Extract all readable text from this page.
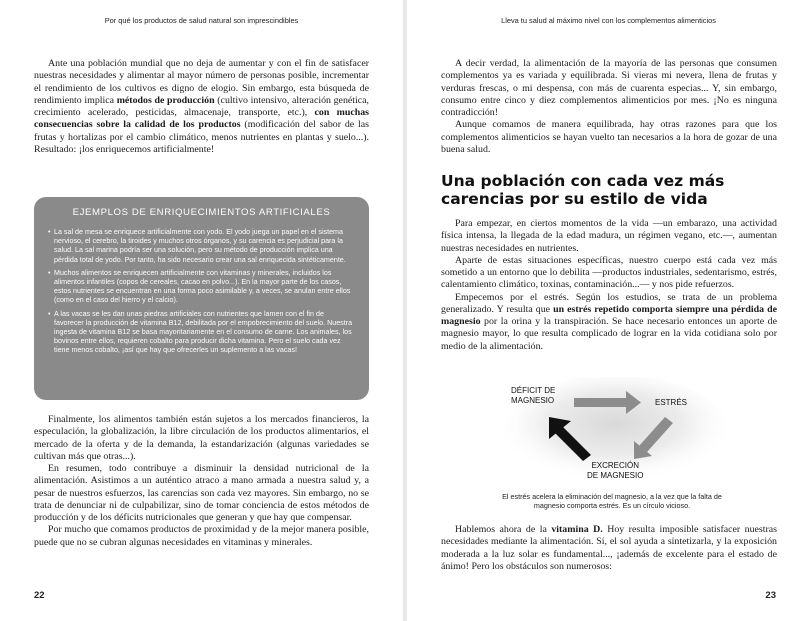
Por qué los productos de salud natural son imprescindibles

Ante una población mundial que no deja de aumentar y con el fin de satisfacer nuestras necesidades y alimentar al mayor número de personas posible, incrementar el rendimiento de los cultivos es digno de elogio. Sin embargo, esta búsqueda de rendimiento implica métodos de producción (cultivo intensivo, alteración genética, crecimiento acelerado, pesticidas, almacenaje, transporte, etc.), con muchas consecuencias sobre la calidad de los productos (modificación del sabor de las frutas y hortalizas por el cambio climático, menos nutrientes en plantas y suelo...). Resultado: ¡los enriquecemos artificialmente!

EJEMPLOS DE ENRIQUECIMIENTOS ARTIFICIALES
• La sal de mesa se enriquece artificialmente con yodo. El yodo juega un papel en el sistema nervioso, el cerebro, la tiroides y muchos otros órganos, y su carencia es perjudicial para la salud. La sal marina podría ser una solución, pero su método de producción implica una pérdida total de yodo. Por tanto, ha sido necesario crear una sal enriquecida sintéticamente.
• Muchos alimentos se enriquecen artificialmente con vitaminas y minerales, incluidos los alimentos infantiles (copos de cereales, cacao en polvo...). En la mayor parte de los casos, estos nutrientes se encuentran en una forma poco asimilable y, a veces, se anulan entre ellos (como en el caso del hierro y el calcio).
• A las vacas se les dan unas piedras artificiales con nutrientes que lamen con el fin de favorecer la producción de vitamina B12, debilitada por el empobrecimiento del suelo. Nuestra ingesta de vitamina B12 se basa mayoritariamente en el consumo de carne. Los animales, los bovinos entre ellos, requieren cobalto para producir dicha vitamina. Pero el suelo cada vez tiene menos cobalto, ¡así que hay que ofrecerles un suplemento a las vacas!

Finalmente, los alimentos también están sujetos a los mercados financieros, la especulación, la globalización, la libre circulación de los productos alimentarios, el mercado de la oferta y de la demanda, la estandarización (algunas variedades se cultivan más que otras...).

En resumen, todo contribuye a disminuir la densidad nutricional de la alimentación. Asistimos a un auténtico atraco a mano armada a nuestra salud y, a pesar de nuestros esfuerzos, las carencias son cada vez mayores. Sin embargo, no se trata de denunciar ni de culpabilizar, sino de tomar conciencia de estos métodos de producción y de los déficits nutricionales que generan y que hay que compensar.

Por mucho que comamos productos de proximidad y de la mejor manera posible, puede que no se cubran algunas necesidades en vitaminas y minerales.

22
Lleva tu salud al máximo nivel con los complementos alimenticios

A decir verdad, la alimentación de la mayoría de las personas que consumen complementos ya es variada y equilibrada. Si vieras mi nevera, llena de frutas y verduras frescas, o mi despensa, con más de cuarenta especias... Y, sin embargo, consumo entre cinco y diez complementos alimenticios por mes. ¡No es ninguna contradicción!

Aunque comamos de manera equilibrada, hay otras razones para que los complementos alimenticios se hayan vuelto tan necesarios a la hora de gozar de una buena salud.

Una población con cada vez más carencias por su estilo de vida

Para empezar, en ciertos momentos de la vida —un embarazo, una actividad física intensa, la llegada de la edad madura, un régimen vegano, etc.—, aumentan nuestras necesidades en nutrientes.

Aparte de estas situaciones específicas, nuestro cuerpo está cada vez más sometido a un entorno que lo debilita —productos industriales, sedentarismo, estrés, calentamiento climático, toxinas, contaminación...— y nos pide refuerzos.

Empecemos por el estrés. Según los estudios, se trata de un problema generalizado. Y resulta que un estrés repetido comporta siempre una pérdida de magnesio por la orina y la transpiración. Se hace necesario entonces un aporte de magnesio mayor, lo que resulta complicado de lograr en la vida cotidiana solo por medio de la alimentación.

DÉFICIT DE
MAGNESIO	ESTRÉS
EXCRECIÓN
DE MAGNESIO
El estrés acelera la eliminación del magnesio, a la vez que la falta de magnesio comporta estrés. Es un círculo vicioso.

Hablemos ahora de la vitamina D. Hoy resulta imposible satisfacer nuestras necesidades mediante la alimentación. Sí, el sol ayuda a sintetizarla, y la exposición moderada a la luz solar es fundamental..., ¡además de excelente para el estado de ánimo! Pero los obstáculos son numerosos:

23
